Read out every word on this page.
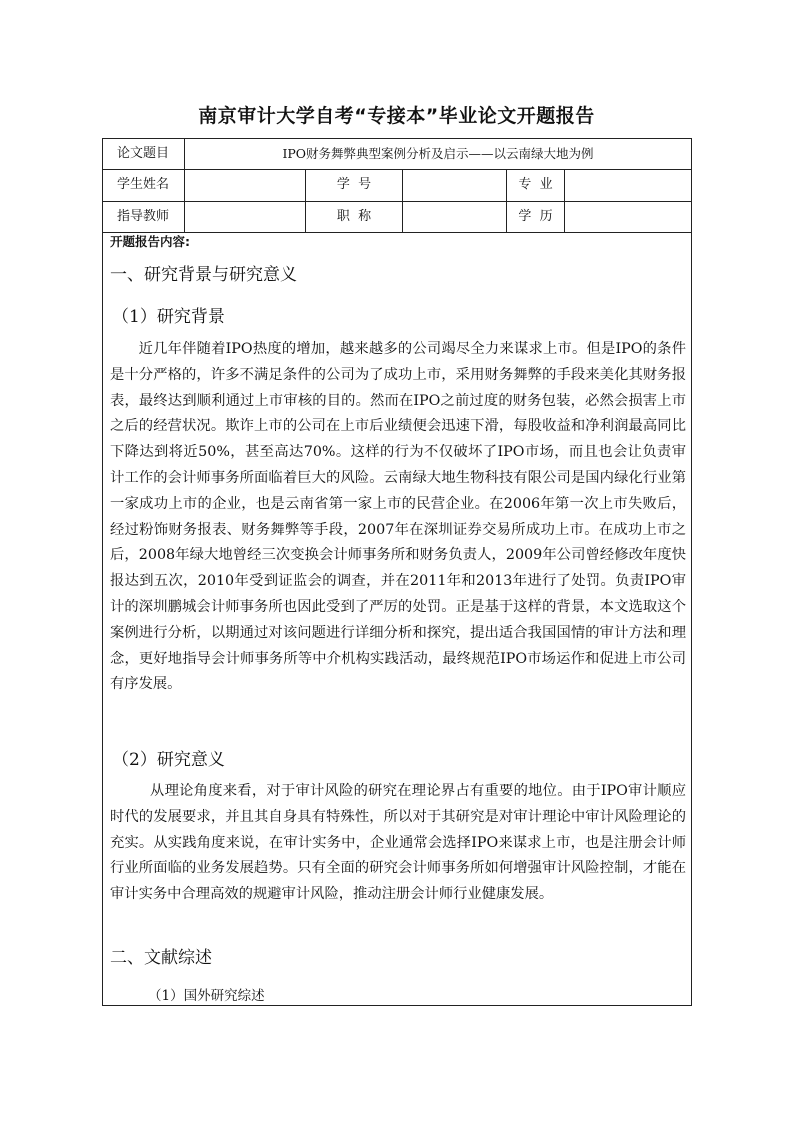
南京审计大学自考“专接本”毕业论文开题报告
论文题目	IPO财务舞弊典型案例分析及启示——以云南绿大地为例
学生姓名	学  号	专  业
指导教师	职  称	学  历
开题报告内容:
一、研究背景与研究意义
（1）研究背景

近几年伴随着IPO热度的增加，越来越多的公司竭尽全力来谋求上市。但是IPO的条件是十分严格的，许多不满足条件的公司为了成功上市，采用财务舞弊的手段来美化其财务报表，最终达到顺利通过上市审核的目的。然而在IPO之前过度的财务包装，必然会损害上市之后的经营状况。欺诈上市的公司在上市后业绩便会迅速下滑，每股收益和净利润最高同比下降达到将近50%，甚至高达70%。这样的行为不仅破坏了IPO市场，而且也会让负责审计工作的会计师事务所面临着巨大的风险。云南绿大地生物科技有限公司是国内绿化行业第一家成功上市的企业，也是云南省第一家上市的民营企业。在2006年第一次上市失败后，经过粉饰财务报表、财务舞弊等手段，2007年在深圳证券交易所成功上市。在成功上市之后，2008年绿大地曾经三次变换会计师事务所和财务负责人，2009年公司曾经修改年度快报达到五次，2010年受到证监会的调查，并在2011年和2013年进行了处罚。负责IPO审计的深圳鹏城会计师事务所也因此受到了严厉的处罚。正是基于这样的背景，本文选取这个案例进行分析，以期通过对该问题进行详细分析和探究，提出适合我国国情的审计方法和理念，更好地指导会计师事务所等中介机构实践活动，最终规范IPO市场运作和促进上市公司有序发展。

（2）研究意义

从理论角度来看，对于审计风险的研究在理论界占有重要的地位。由于IPO审计顺应时代的发展要求，并且其自身具有特殊性，所以对于其研究是对审计理论中审计风险理论的充实。从实践角度来说，在审计实务中，企业通常会选择IPO来谋求上市，也是注册会计师行业所面临的业务发展趋势。只有全面的研究会计师事务所如何增强审计风险控制，才能在审计实务中合理高效的规避审计风险，推动注册会计师行业健康发展。

二、文献综述
（1）国外研究综述
